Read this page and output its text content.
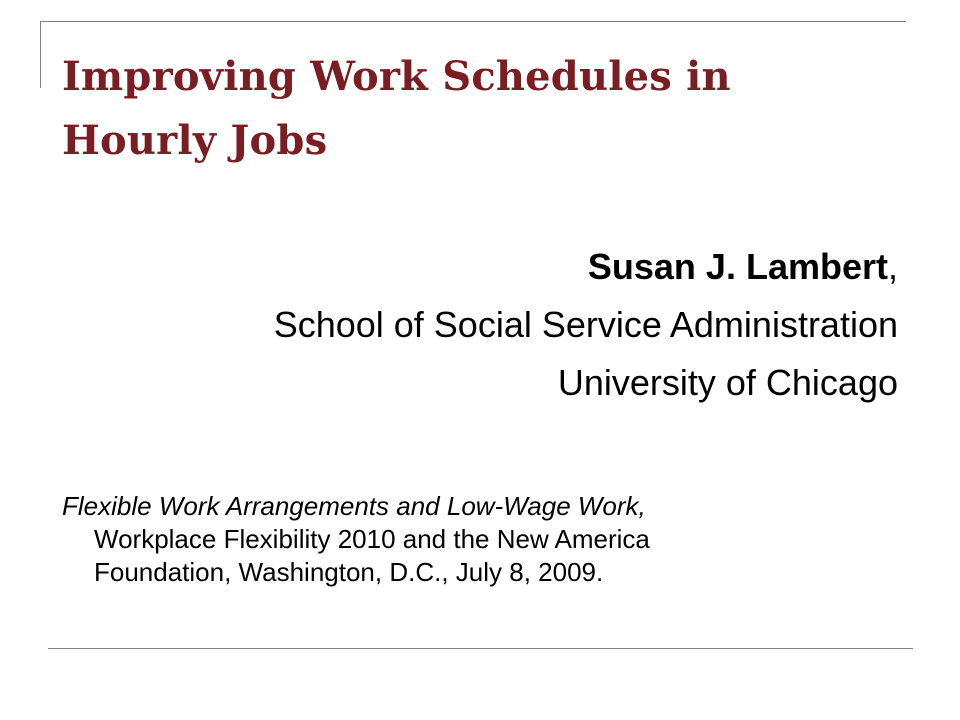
Improving Work Schedules in
Hourly Jobs
Susan J. Lambert,
School of Social Service Administration
University of Chicago
Flexible Work Arrangements and Low-Wage Work,
Workplace Flexibility 2010 and the New America
Foundation, Washington, D.C., July 8, 2009.
